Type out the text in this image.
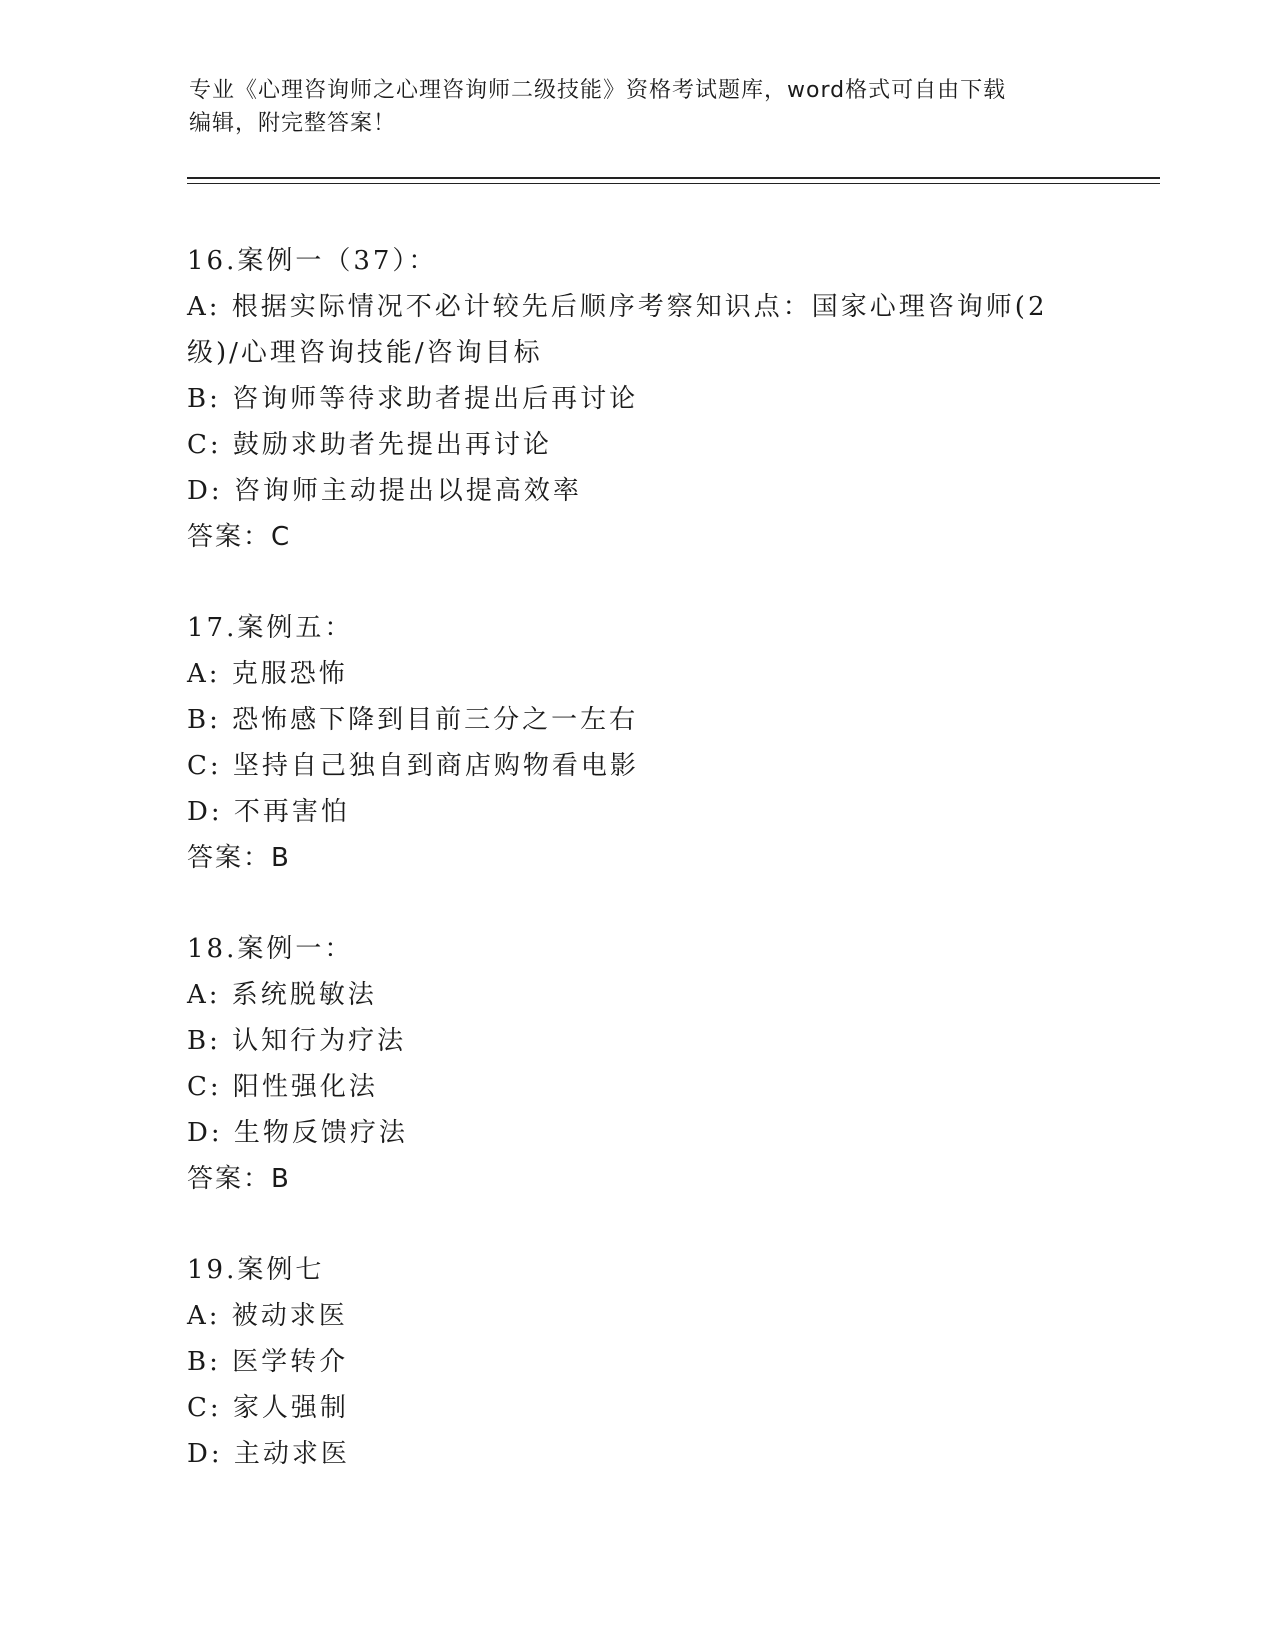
专业《心理咨询师之心理咨询师二级技能》资格考试题库，word格式可自由下载
编辑，附完整答案！
16.案例一（37）：
A: 根据实际情况不必计较先后顺序考察知识点：国家心理咨询师(2级)/心理咨询技能/咨询目标
B: 咨询师等待求助者提出后再讨论
C: 鼓励求助者先提出再讨论
D: 咨询师主动提出以提高效率
答案：C
17.案例五：
A: 克服恐怖
B: 恐怖感下降到目前三分之一左右
C: 坚持自己独自到商店购物看电影
D: 不再害怕
答案：B
18.案例一：
A: 系统脱敏法
B: 认知行为疗法
C: 阳性强化法
D: 生物反馈疗法
答案：B
19.案例七
A: 被动求医
B: 医学转介
C: 家人强制
D: 主动求医
